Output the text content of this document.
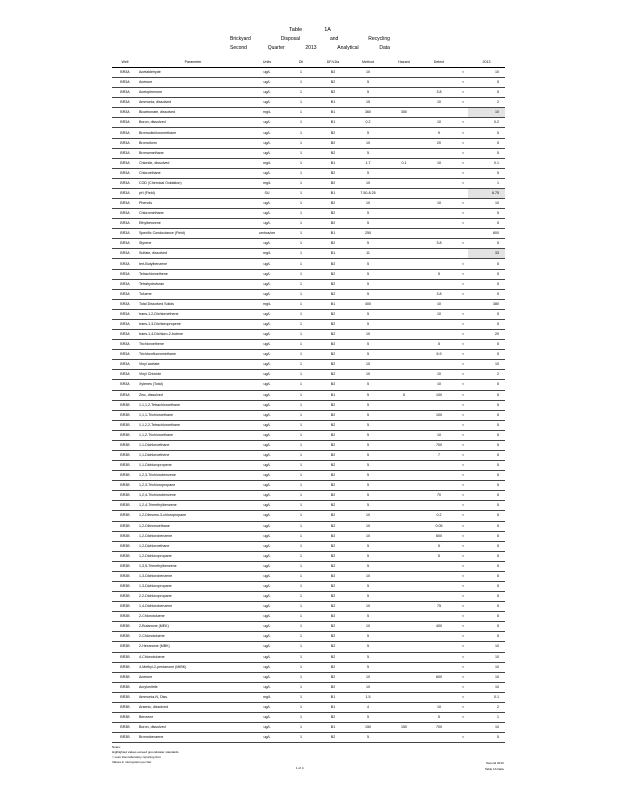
Table	1A
Brickyard	Disposal	and	Recycling
Second	Quarter	2013	Analytical	Data
Well	Parameter	Units	Dil	DF/LDa	Method	Hazard	Detect		2013
BR3A	Acetaldehyde	ug/L	1	B2	10			<	10
BR3A	Acetone	ug/L	1	B2	5			<	5
BR3A	Acetophenone	ug/L	1	B2	5		3.8	<	5
BR3A	Ammonia, dissolved	ug/L	1	B1	15		10	<	2
BR3A	Bicarbonate, dissolved	mg/L	1	B1	360	350			10
BR3A	Boron, dissolved	ug/L	1	B1	0.2		10	<	0.2
BR3A	Bromodichloromethane	ug/L	1	B2	5		9	<	5
BR3A	Bromoform	ug/L	1	B2	10		20	<	5
BR3A	Bromomethane	ug/L	1	B2	5			<	5
BR3A	Chloride, dissolved	mg/L	1	B1	1.7	0.1	10	<	0.1
BR3A	Chloroethane	ug/L	1	B2	5			<	5
BR3A	COD (Chemical Oxidation)	mg/L	1	B2	10			<	1
BR3A	pH (Field)	SU	1	B1	7.50-8.25				6.75
BR3A	Phenols	ug/L	1	B2	10		10	<	10
BR3A	Chloromethane	ug/L	1	B2	5			<	5
BR3A	Ethylbenzene	ug/L	1	B2	5			<	5
BR3A	Specific Conductance (Field)	umhos/cm	1	B1	250				800
BR3A	Styrene	ug/L	1	B2	5		3.8	<	5
BR3A	Sulfate, dissolved	mg/L	1	B1	11				33
BR3A	tert-Butylbenzene	ug/L	1	B2	5			<	5
BR3A	Tetrachloroethene	ug/L	1	B2	5		5	<	5
BR3A	Tetrahydrofuran	ug/L	1	B2	5			<	5
BR3A	Toluene	ug/L	1	B2	5		3.8	<	5
BR3A	Total Dissolved Solids	mg/L	1	B1	400		10		380
BR3A	trans-1,2-Dichloroethene	ug/L	1	B2	5		10	<	5
BR3A	trans-1,3-Dichloropropene	ug/L	1	B2	5			<	5
BR3A	trans-1,4-Dichloro-2-butene	ug/L	1	B2	10			<	20
BR3A	Trichloroethene	ug/L	1	B2	5		5	<	5
BR3A	Trichlorofluoromethane	ug/L	1	B2	5		6.9	<	5
BR3A	Vinyl acetate	ug/L	1	B2	10			<	10
BR3A	Vinyl Chloride	ug/L	1	B2	10		10	<	2
BR3A	Xylenes (Total)	ug/L	1	B2	5		10	<	5
BR3A	Zinc, dissolved	ug/L	1	B1	5	5	100	<	5
BR3B	1,1,1,2-Tetrachloroethane	ug/L	1	B2	5			<	5
BR3B	1,1,1-Trichloroethane	ug/L	1	B2	5		100	<	5
BR3B	1,1,2,2-Tetrachloroethane	ug/L	1	B2	5			<	5
BR3B	1,1,2-Trichloroethane	ug/L	1	B2	5		10	<	5
BR3B	1,1-Dichloroethane	ug/L	1	B2	5		700	<	5
BR3B	1,1-Dichloroethene	ug/L	1	B2	5		7	<	5
BR3B	1,1-Dichloropropene	ug/L	1	B2	5			<	5
BR3B	1,2,3-Trichlorobenzene	ug/L	1	B2	5			<	5
BR3B	1,2,3-Trichloropropane	ug/L	1	B2	5			<	5
BR3B	1,2,4-Trichlorobenzene	ug/L	1	B2	5		70	<	5
BR3B	1,2,4-Trimethylbenzene	ug/L	1	B2	5			<	5
BR3B	1,2-Dibromo-3-chloropropane	ug/L	1	B2	10		0.2	<	5
BR3B	1,2-Dibromoethane	ug/L	1	B2	10		0.05	<	5
BR3B	1,2-Dichlorobenzene	ug/L	1	B2	10		600	<	5
BR3B	1,2-Dichloroethane	ug/L	1	B2	5		5	<	5
BR3B	1,2-Dichloropropane	ug/L	1	B2	5		5	<	5
BR3B	1,3,5-Trimethylbenzene	ug/L	1	B2	5			<	5
BR3B	1,3-Dichlorobenzene	ug/L	1	B2	10			<	5
BR3B	1,3-Dichloropropane	ug/L	1	B2	5			<	5
BR3B	2,2-Dichloropropane	ug/L	1	B2	5			<	5
BR3B	1,4-Dichlorobenzene	ug/L	1	B2	10		75	<	5
BR3B	2-Chlorotoluene	ug/L	1	B2	5			<	5
BR3B	2-Butanone (MEK)	ug/L	1	B2	10		400	<	5
BR3B	2-Chlorotoluene	ug/L	1	B2	5			<	5
BR3B	2-Hexanone (MBK)	ug/L	1	B2	5			<	10
BR3B	4-Chlorotoluene	ug/L	1	B2	5			<	10
BR3B	4-Methyl-2-pentanone (MIBK)	ug/L	1	B2	5			<	10
BR3B	Acetone	ug/L	1	B2	10		600	<	10
BR3B	Acrylonitrile	ug/L	1	B2	10			<	10
BR3B	Ammonia-N, Diss.	mg/L	1	B1	1.5			<	0.1
BR3B	Arsenic, dissolved	ug/L	1	B1	4		10	<	2
BR3B	Benzene	ug/L	1	B2	5		5	<	1
BR3B	Boron, dissolved	ug/L	1	B1	150	150	700		10
BR3B	Bromobenzene	ug/L	1	B2	5			<	5
Notes:
Highlighted values exceed groundwater standards
< Less than laboratory reporting limit
Values in micrograms per liter
1 of 4
Second 2013
Table 1A Data
